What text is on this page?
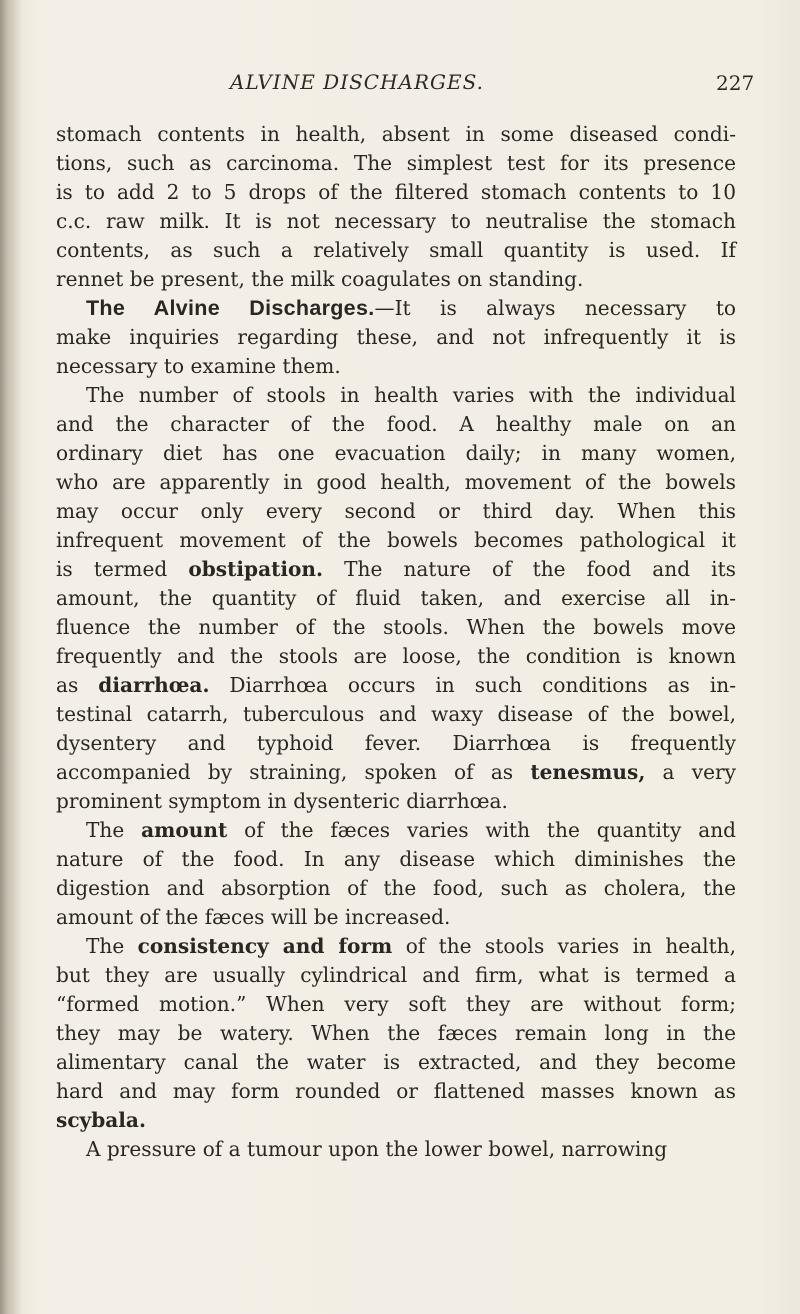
ALVINE DISCHARGES.	227
stomach contents in health, absent in some diseased condi-
tions, such as carcinoma. The simplest test for its presence
is to add 2 to 5 drops of the filtered stomach contents to 10
c.c. raw milk. It is not necessary to neutralise the stomach
contents, as such a relatively small quantity is used. If
rennet be present, the milk coagulates on standing.
The Alvine Discharges.—It is always necessary to
make inquiries regarding these, and not infrequently it is
necessary to examine them.
The number of stools in health varies with the individual
and the character of the food. A healthy male on an
ordinary diet has one evacuation daily; in many women,
who are apparently in good health, movement of the bowels
may occur only every second or third day. When this
infrequent movement of the bowels becomes pathological it
is termed obstipation. The nature of the food and its
amount, the quantity of fluid taken, and exercise all in-
fluence the number of the stools. When the bowels move
frequently and the stools are loose, the condition is known
as diarrhœa. Diarrhœa occurs in such conditions as in-
testinal catarrh, tuberculous and waxy disease of the bowel,
dysentery and typhoid fever. Diarrhœa is frequently
accompanied by straining, spoken of as tenesmus, a very
prominent symptom in dysenteric diarrhœa.
The amount of the fæces varies with the quantity and
nature of the food. In any disease which diminishes the
digestion and absorption of the food, such as cholera, the
amount of the fæces will be increased.
The consistency and form of the stools varies in health,
but they are usually cylindrical and firm, what is termed a
“formed motion.” When very soft they are without form;
they may be watery. When the fæces remain long in the
alimentary canal the water is extracted, and they become
hard and may form rounded or flattened masses known as
scybala.
A pressure of a tumour upon the lower bowel, narrowing
